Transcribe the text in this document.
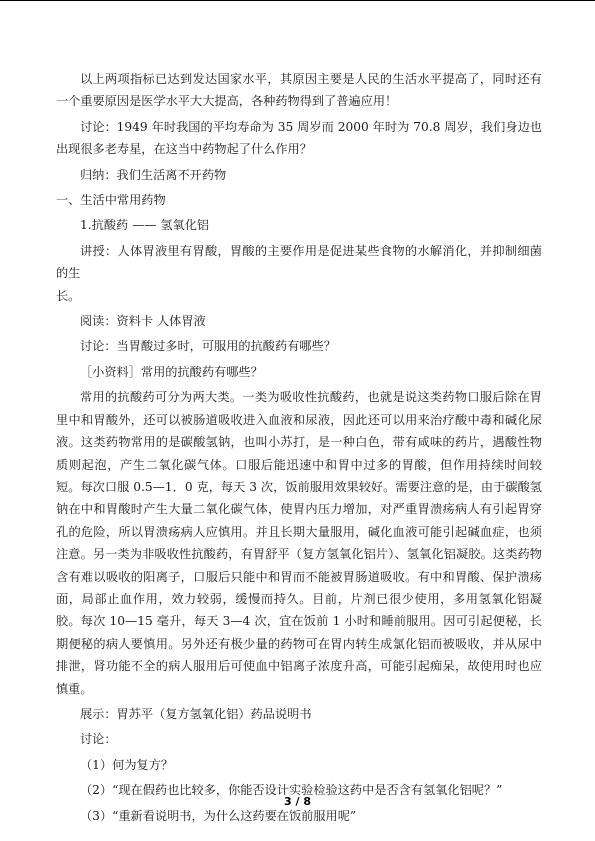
以上两项指标已达到发达国家水平，其原因主要是人民的生活水平提高了，同时还有一个重要原因是医学水平大大提高，各种药物得到了普遍应用！

讨论：1949 年时我国的平均寿命为 35 周岁而 2000 年时为 70.8 周岁，我们身边也出现很多老寿星，在这当中药物起了什么作用？

归纳：我们生活离不开药物

一、生活中常用药物

1.抗酸药 —— 氢氧化铝

讲授：人体胃液里有胃酸，胃酸的主要作用是促进某些食物的水解消化，并抑制细菌的生

长。

阅读：资料卡 人体胃液

讨论：当胃酸过多时，可服用的抗酸药有哪些？

［小资料］常用的抗酸药有哪些？

常用的抗酸药可分为两大类。一类为吸收性抗酸药，也就是说这类药物口服后除在胃里中和胃酸外，还可以被肠道吸收进入血液和尿液，因此还可以用来治疗酸中毒和碱化尿液。这类药物常用的是碳酸氢钠，也叫小苏打，是一种白色，带有咸味的药片，遇酸性物质则起泡，产生二氧化碳气体。口服后能迅速中和胃中过多的胃酸，但作用持续时间较短。每次口服 0.5—1．0 克，每天 3 次，饭前服用效果较好。需要注意的是，由于碳酸氢钠在中和胃酸时产生大量二氧化碳气体，使胃内压力增加，对严重胃溃疡病人有引起胃穿孔的危险，所以胃溃疡病人应慎用。并且长期大量服用，碱化血液可能引起碱血症，也须注意。另一类为非吸收性抗酸药，有胃舒平（复方氢氧化铝片）、氢氧化铝凝胶。这类药物含有难以吸收的阳离子，口服后只能中和胃而不能被胃肠道吸收。有中和胃酸、保护溃疡面，局部止血作用，效力较弱，缓慢而持久。目前，片剂已很少使用，多用氢氧化铝凝胶。每次 10—15 毫升，每天 3—4 次，宜在饭前 1 小时和睡前服用。因可引起便秘，长期便秘的病人要慎用。另外还有极少量的药物可在胃内转生成氯化铝而被吸收，并从尿中排泄，肾功能不全的病人服用后可使血中铝离子浓度升高，可能引起痴呆，故使用时也应慎重。

展示：胃苏平（复方氢氧化铝）药品说明书

讨论：

（1）何为复方？

（2）“现在假药也比较多，你能否设计实验检验这药中是否含有氢氧化铝呢？”

（3）“重新看说明书，为什么这药要在饭前服用呢”

3 / 8
